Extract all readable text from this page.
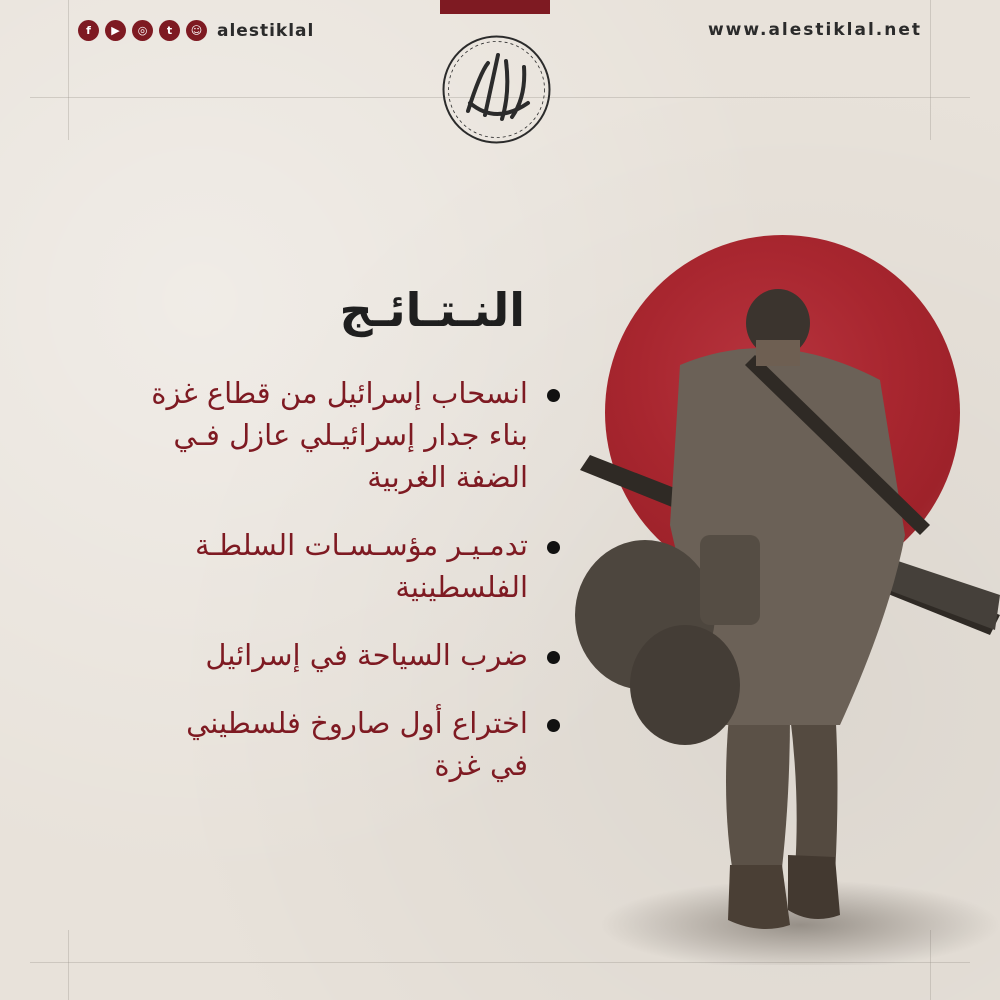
f	▶	◎	t	☺ alestiklal	www.alestiklal.net
النـتـائـج
انسحاب إسرائيل من قطاع غزة
بناء جدار إسرائيـلي عازل فـي
الضفة الغربية
تدمـيـر مؤسـسـات السلطـة
الفلسطينية
ضرب السياحة في إسرائيل
اختراع أول صاروخ فلسطيني
في غزة
